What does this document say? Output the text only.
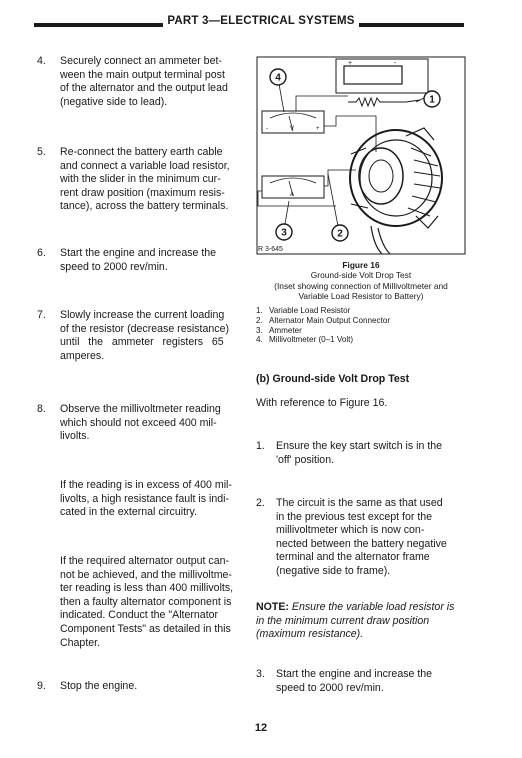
PART 3—ELECTRICAL SYSTEMS
4. Securely connect an ammeter bet-
ween the main output terminal post
of the alternator and the output lead
(negative side to lead).
5. Re-connect the battery earth cable
and connect a variable load resistor,
with the slider in the minimum cur-
rent draw position (maximum resis-
tance), across the battery terminals.
6. Start the engine and increase the
speed to 2000 rev/min.
7. Slowly increase the current loading
of the resistor (decrease resistance)
until   the   ammeter   registers   65
amperes.
8. Observe the millivoltmeter reading
which should not exceed 400 mil-
livolts.
If the reading is in excess of 400 mil-
livolts, a high resistance fault is indi-
cated in the external circuitry.
If the required alternator output can-
not be achieved, and the millivoltme-
ter reading is less than 400 millivolts,
then a faulty alternator component is
indicated. Conduct the "Alternator
Component Tests" as detailed in this
Chapter.
9. Stop the engine.
+	-
V
-	+
A
4
1
3	2
R 3-645
Figure 16
Ground-side Volt Drop Test
(Inset showing connection of Millivoltmeter and
Variable Load Resistor to Battery)
1. Variable Load Resistor
2. Alternator Main Output Connector
3. Ammeter
4. Millivoltmeter (0–1 Volt)
(b) Ground-side Volt Drop Test
With reference to Figure 16.
1. Ensure the key start switch is in the
'off' position.
2. The circuit is the same as that used
in the previous test except for the
millivoltmeter which is now con-
nected between the battery negative
terminal and the alternator frame
(negative side to frame).
NOTE: Ensure the variable load resistor is
in the minimum current draw position
(maximum resistance).
3. Start the engine and increase the
speed to 2000 rev/min.
12
